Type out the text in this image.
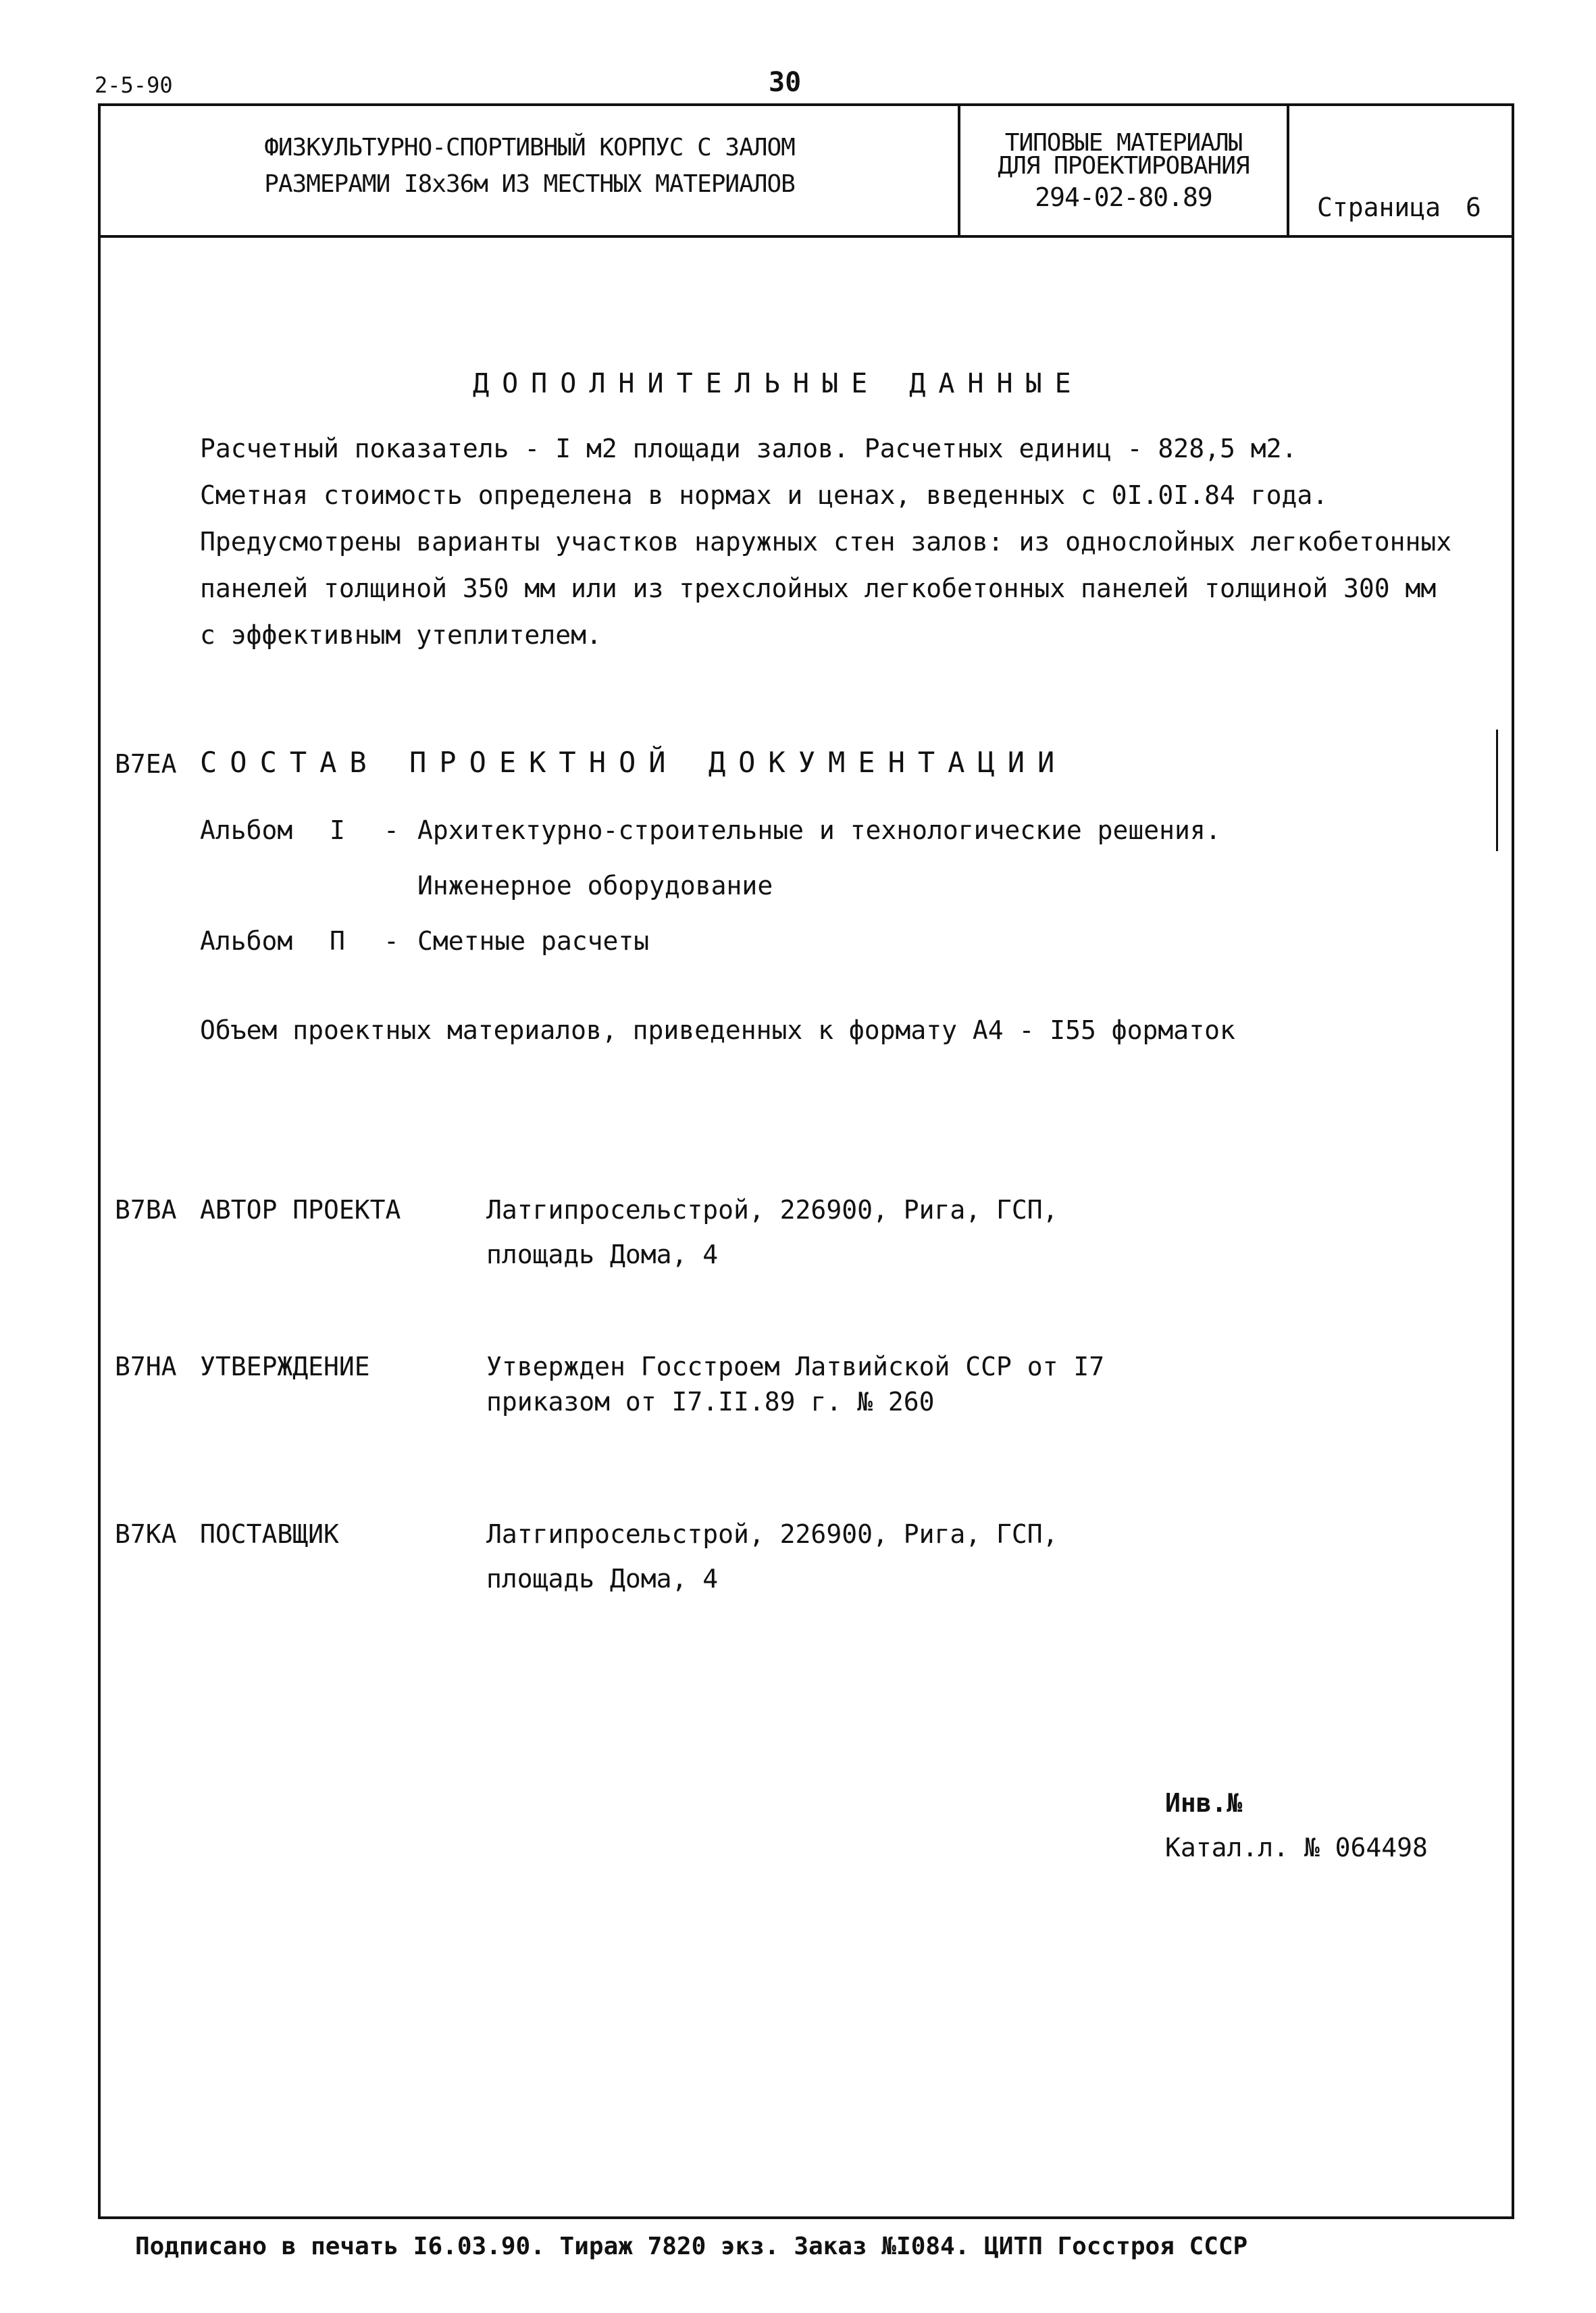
2-5-90	30
ФИЗКУЛЬТУРНО-СПОРТИВНЫЙ КОРПУС С ЗАЛОМ
РАЗМЕРАМИ I8x36м ИЗ МЕСТНЫХ МАТЕРИАЛОВ
ТИПОВЫЕ МАТЕРИАЛЫ
ДЛЯ ПРОЕКТИРОВАНИЯ
294-02-80.89	Страница 6
ДОПОЛНИТЕЛЬНЫЕ ДАННЫЕ
Расчетный показатель - I м2 площади залов. Расчетных единиц - 828,5 м2.
Сметная стоимость определена в нормах и ценах, введенных с 0I.0I.84 года.
Предусмотрены варианты участков наружных стен залов: из однослойных легкобетонных
панелей толщиной 350 мм или из трехслойных легкобетонных панелей толщиной 300 мм
с эффективным утеплителем.
B7EA СОСТАВ ПРОЕКТНОЙ ДОКУМЕНТАЦИИ
Альбом I - Архитектурно-строительные и технологические решения.
Инженерное оборудование
Альбом П - Сметные расчеты
Объем проектных материалов, приведенных к формату А4 - I55 форматок
B7BA АВТОР ПРОЕКТА	Латгипросельстрой, 226900, Рига, ГСП,
площадь Дома, 4
B7HA УТВЕРЖДЕНИЕ	Утвержден Госстроем Латвийской ССР от I7
приказом от I7.II.89 г. № 260
B7KA ПОСТАВЩИК	Латгипросельстрой, 226900, Рига, ГСП,
площадь Дома, 4
Инв.№
Катал.л. № 064498
Подписано в печать I6.03.90. Тираж 7820 экз. Заказ №I084. ЦИТП Госстроя СССР
